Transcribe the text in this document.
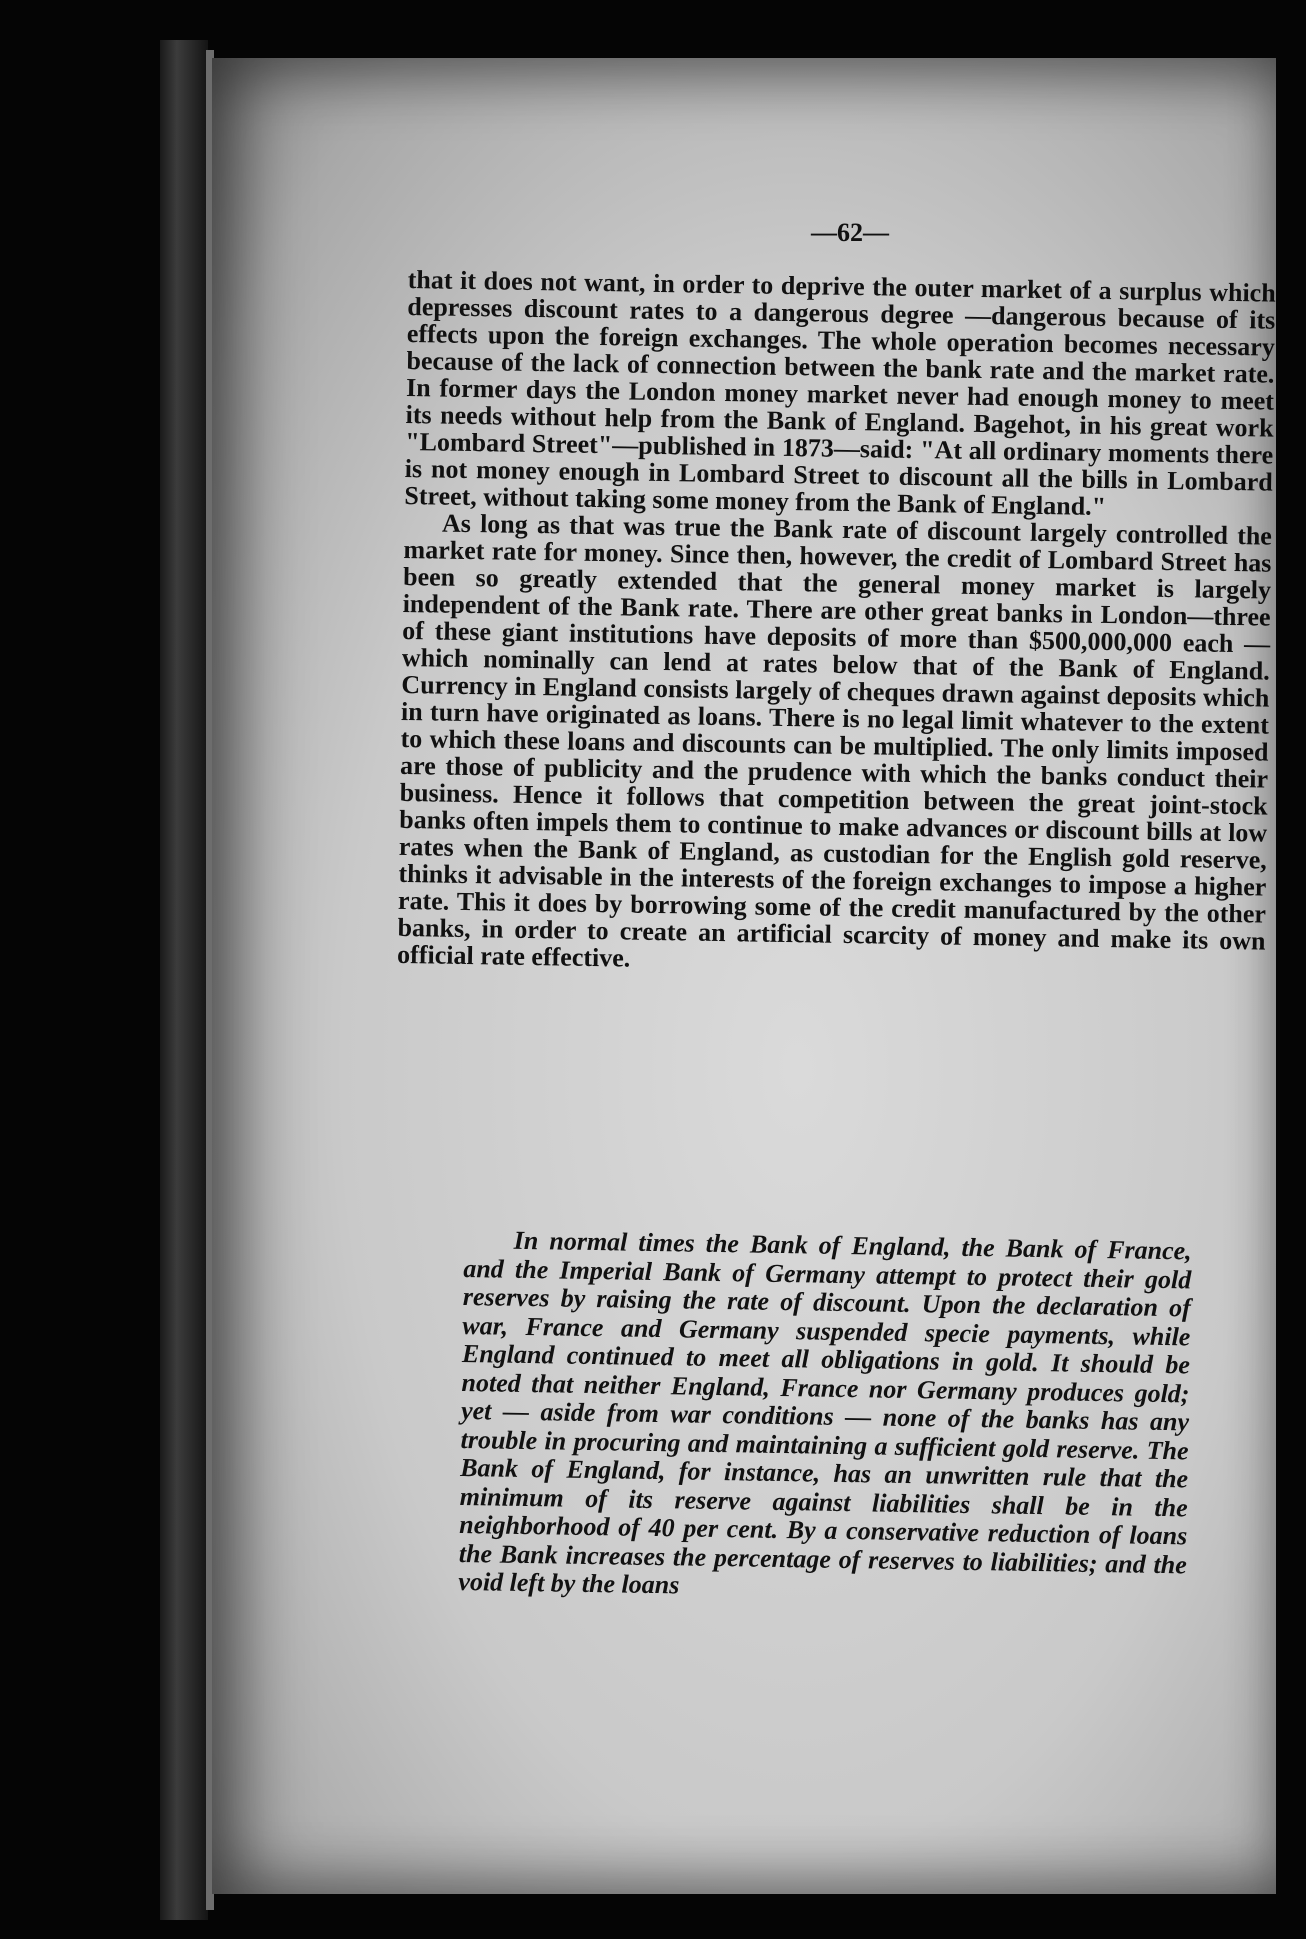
—62—

that it does not want, in order to deprive the outer market of a surplus which depresses discount rates to a dangerous degree —dangerous because of its effects upon the foreign exchanges. The whole operation becomes necessary because of the lack of connection between the bank rate and the market rate. In former days the London money market never had enough money to meet its needs without help from the Bank of England. Bagehot, in his great work "Lombard Street"—published in 1873—said: "At all ordinary moments there is not money enough in Lombard Street to discount all the bills in Lombard Street, without taking some money from the Bank of England."

As long as that was true the Bank rate of discount largely controlled the market rate for money. Since then, however, the credit of Lombard Street has been so greatly extended that the general money market is largely independent of the Bank rate. There are other great banks in London—three of these giant institutions have deposits of more than $500,000,000 each —which nominally can lend at rates below that of the Bank of England. Currency in England consists largely of cheques drawn against deposits which in turn have originated as loans. There is no legal limit whatever to the extent to which these loans and discounts can be multiplied. The only limits imposed are those of publicity and the prudence with which the banks conduct their business. Hence it follows that competition between the great joint-stock banks often impels them to continue to make advances or discount bills at low rates when the Bank of England, as custodian for the English gold reserve, thinks it advisable in the interests of the foreign exchanges to impose a higher rate. This it does by borrowing some of the credit manufactured by the other banks, in order to create an artificial scarcity of money and make its own official rate effective.

In normal times the Bank of England, the Bank of France, and the Imperial Bank of Germany attempt to protect their gold reserves by raising the rate of discount. Upon the declaration of war, France and Germany suspended specie payments, while England continued to meet all obligations in gold. It should be noted that neither England, France nor Germany produces gold; yet — aside from war conditions — none of the banks has any trouble in procuring and maintaining a sufficient gold reserve. The Bank of England, for instance, has an unwritten rule that the minimum of its reserve against liabilities shall be in the neighborhood of 40 per cent. By a conservative reduction of loans the Bank increases the percentage of reserves to liabilities; and the void left by the loans
